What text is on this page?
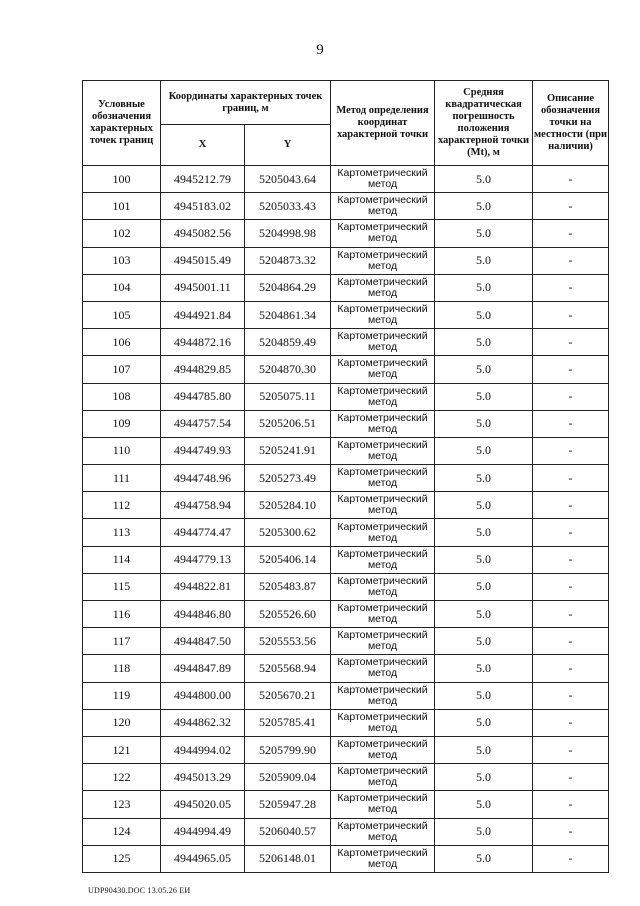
9
Условные обозначения характерных точек границ	Координаты характерных точек границ, м		Метод определения координат характерной точки	Средняя квадратическая погрешность положения характерной точки (Mt), м	Описание обозначения точки на местности (при наличии)
	X	Y			
100	4945212.79	5205043.64	Картометрический метод	5.0	-
101	4945183.02	5205033.43	Картометрический метод	5.0	-
102	4945082.56	5204998.98	Картометрический метод	5.0	-
103	4945015.49	5204873.32	Картометрический метод	5.0	-
104	4945001.11	5204864.29	Картометрический метод	5.0	-
105	4944921.84	5204861.34	Картометрический метод	5.0	-
106	4944872.16	5204859.49	Картометрический метод	5.0	-
107	4944829.85	5204870.30	Картометрический метод	5.0	-
108	4944785.80	5205075.11	Картометрический метод	5.0	-
109	4944757.54	5205206.51	Картометрический метод	5.0	-
110	4944749.93	5205241.91	Картометрический метод	5.0	-
111	4944748.96	5205273.49	Картометрический метод	5.0	-
112	4944758.94	5205284.10	Картометрический метод	5.0	-
113	4944774.47	5205300.62	Картометрический метод	5.0	-
114	4944779.13	5205406.14	Картометрический метод	5.0	-
115	4944822.81	5205483.87	Картометрический метод	5.0	-
116	4944846.80	5205526.60	Картометрический метод	5.0	-
117	4944847.50	5205553.56	Картометрический метод	5.0	-
118	4944847.89	5205568.94	Картометрический метод	5.0	-
119	4944800.00	5205670.21	Картометрический метод	5.0	-
120	4944862.32	5205785.41	Картометрический метод	5.0	-
121	4944994.02	5205799.90	Картометрический метод	5.0	-
122	4945013.29	5205909.04	Картометрический метод	5.0	-
123	4945020.05	5205947.28	Картометрический метод	5.0	-
124	4944994.49	5206040.57	Картометрический метод	5.0	-
125	4944965.05	5206148.01	Картометрический метод	5.0	-
UDP90430.DOC 13.05.26 EИ
